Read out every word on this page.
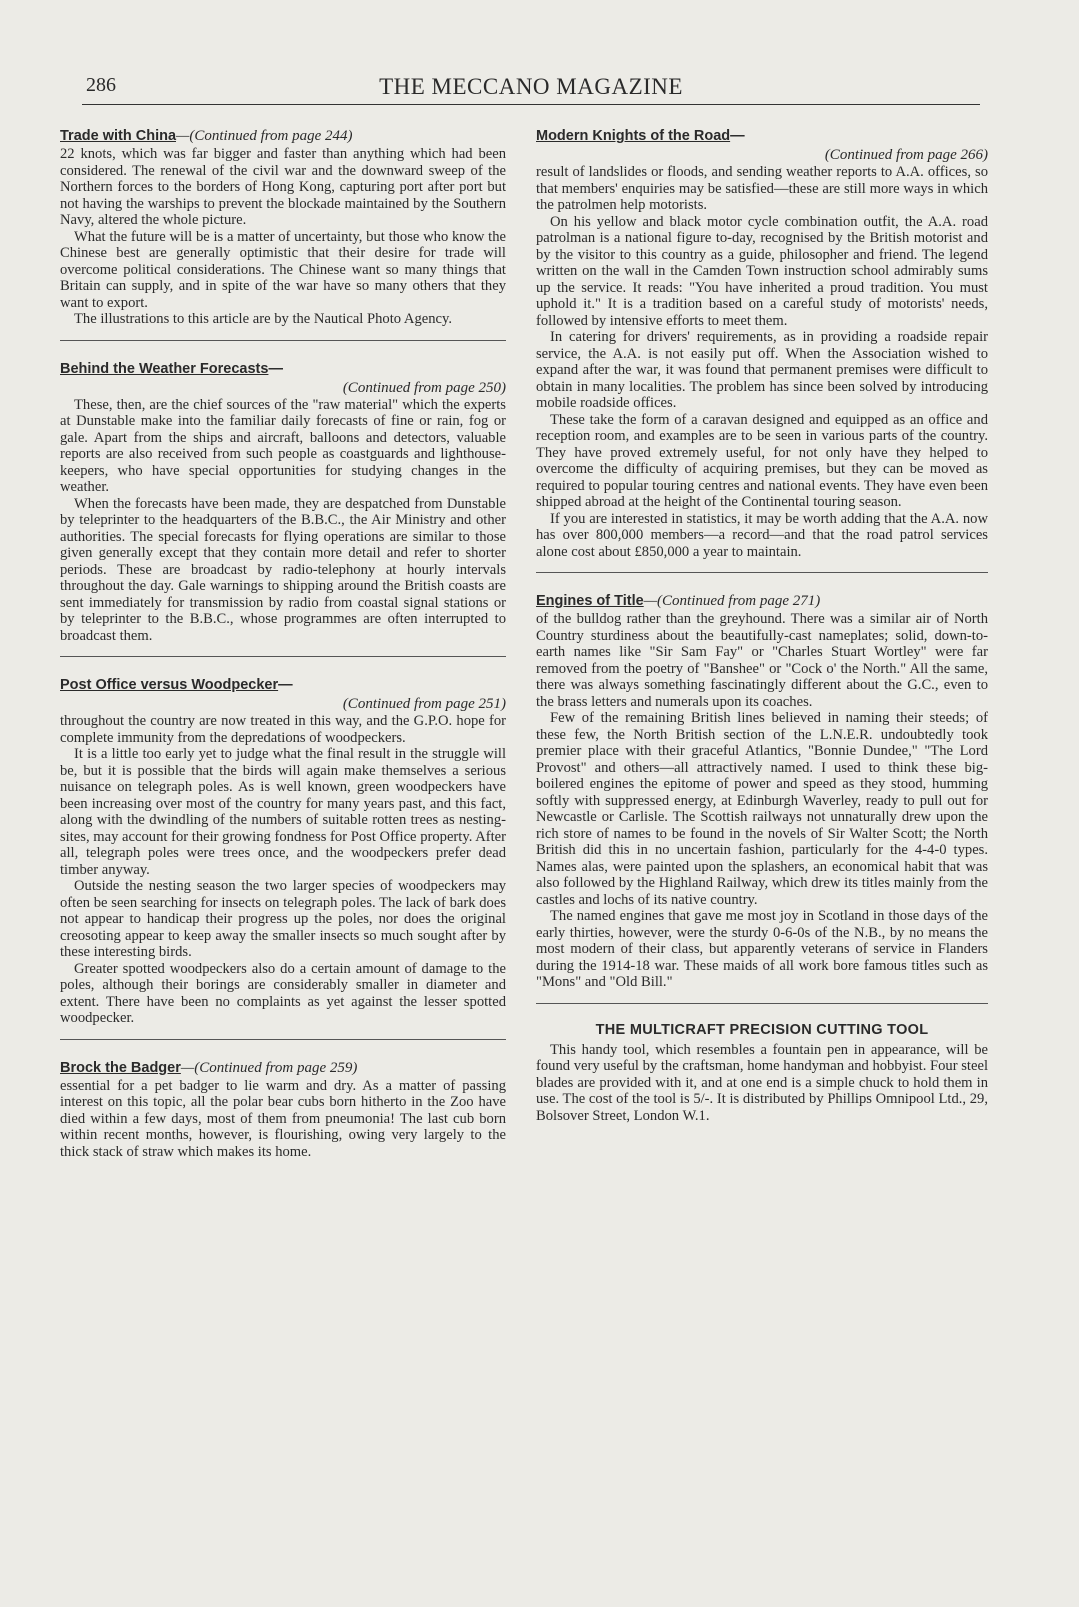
286	THE MECCANO MAGAZINE
Trade with China—(Continued from page 244)

22 knots, which was far bigger and faster than anything which had been considered. The renewal of the civil war and the downward sweep of the Northern forces to the borders of Hong Kong, capturing port after port but not having the warships to prevent the blockade maintained by the Southern Navy, altered the whole picture.

What the future will be is a matter of uncertainty, but those who know the Chinese best are generally optimistic that their desire for trade will overcome political considerations. The Chinese want so many things that Britain can supply, and in spite of the war have so many others that they want to export.

The illustrations to this article are by the Nautical Photo Agency.

Behind the Weather Forecasts—
(Continued from page 250)

These, then, are the chief sources of the "raw material" which the experts at Dunstable make into the familiar daily forecasts of fine or rain, fog or gale. Apart from the ships and aircraft, balloons and detectors, valuable reports are also received from such people as coastguards and lighthouse-keepers, who have special opportunities for studying changes in the weather.

When the forecasts have been made, they are despatched from Dunstable by teleprinter to the headquarters of the B.B.C., the Air Ministry and other authorities. The special forecasts for flying operations are similar to those given generally except that they contain more detail and refer to shorter periods. These are broadcast by radio-telephony at hourly intervals throughout the day. Gale warnings to shipping around the British coasts are sent immediately for transmission by radio from coastal signal stations or by teleprinter to the B.B.C., whose programmes are often interrupted to broadcast them.

Post Office versus Woodpecker—
(Continued from page 251)

throughout the country are now treated in this way, and the G.P.O. hope for complete immunity from the depredations of woodpeckers.

It is a little too early yet to judge what the final result in the struggle will be, but it is possible that the birds will again make themselves a serious nuisance on telegraph poles. As is well known, green woodpeckers have been increasing over most of the country for many years past, and this fact, along with the dwindling of the numbers of suitable rotten trees as nesting-sites, may account for their growing fondness for Post Office property. After all, telegraph poles were trees once, and the woodpeckers prefer dead timber anyway.

Outside the nesting season the two larger species of woodpeckers may often be seen searching for insects on telegraph poles. The lack of bark does not appear to handicap their progress up the poles, nor does the original creosoting appear to keep away the smaller insects so much sought after by these interesting birds.

Greater spotted woodpeckers also do a certain amount of damage to the poles, although their borings are considerably smaller in diameter and extent. There have been no complaints as yet against the lesser spotted woodpecker.

Brock the Badger—(Continued from page 259)

essential for a pet badger to lie warm and dry. As a matter of passing interest on this topic, all the polar bear cubs born hitherto in the Zoo have died within a few days, most of them from pneumonia! The last cub born within recent months, however, is flourishing, owing very largely to the thick stack of straw which makes its home.

Modern Knights of the Road—
(Continued from page 266)

result of landslides or floods, and sending weather reports to A.A. offices, so that members' enquiries may be satisfied—these are still more ways in which the patrolmen help motorists.

On his yellow and black motor cycle combination outfit, the A.A. road patrolman is a national figure to-day, recognised by the British motorist and by the visitor to this country as a guide, philosopher and friend. The legend written on the wall in the Camden Town instruction school admirably sums up the service. It reads: "You have inherited a proud tradition. You must uphold it." It is a tradition based on a careful study of motorists' needs, followed by intensive efforts to meet them.

In catering for drivers' requirements, as in providing a roadside repair service, the A.A. is not easily put off. When the Association wished to expand after the war, it was found that permanent premises were difficult to obtain in many localities. The problem has since been solved by introducing mobile roadside offices.

These take the form of a caravan designed and equipped as an office and reception room, and examples are to be seen in various parts of the country. They have proved extremely useful, for not only have they helped to overcome the difficulty of acquiring premises, but they can be moved as required to popular touring centres and national events. They have even been shipped abroad at the height of the Continental touring season.

If you are interested in statistics, it may be worth adding that the A.A. now has over 800,000 members—a record—and that the road patrol services alone cost about £850,000 a year to maintain.

Engines of Title—(Continued from page 271)

of the bulldog rather than the greyhound. There was a similar air of North Country sturdiness about the beautifully-cast nameplates; solid, down-to-earth names like "Sir Sam Fay" or "Charles Stuart Wortley" were far removed from the poetry of "Banshee" or "Cock o' the North." All the same, there was always something fascinatingly different about the G.C., even to the brass letters and numerals upon its coaches.

Few of the remaining British lines believed in naming their steeds; of these few, the North British section of the L.N.E.R. undoubtedly took premier place with their graceful Atlantics, "Bonnie Dundee," "The Lord Provost" and others—all attractively named. I used to think these big-boilered engines the epitome of power and speed as they stood, humming softly with suppressed energy, at Edinburgh Waverley, ready to pull out for Newcastle or Carlisle. The Scottish railways not unnaturally drew upon the rich store of names to be found in the novels of Sir Walter Scott; the North British did this in no uncertain fashion, particularly for the 4-4-0 types. Names alas, were painted upon the splashers, an economical habit that was also followed by the Highland Railway, which drew its titles mainly from the castles and lochs of its native country.

The named engines that gave me most joy in Scotland in those days of the early thirties, however, were the sturdy 0-6-0s of the N.B., by no means the most modern of their class, but apparently veterans of service in Flanders during the 1914-18 war. These maids of all work bore famous titles such as "Mons" and "Old Bill."

THE MULTICRAFT PRECISION CUTTING TOOL

This handy tool, which resembles a fountain pen in appearance, will be found very useful by the craftsman, home handyman and hobbyist. Four steel blades are provided with it, and at one end is a simple chuck to hold them in use. The cost of the tool is 5/-. It is distributed by Phillips Omnipool Ltd., 29, Bolsover Street, London W.1.
